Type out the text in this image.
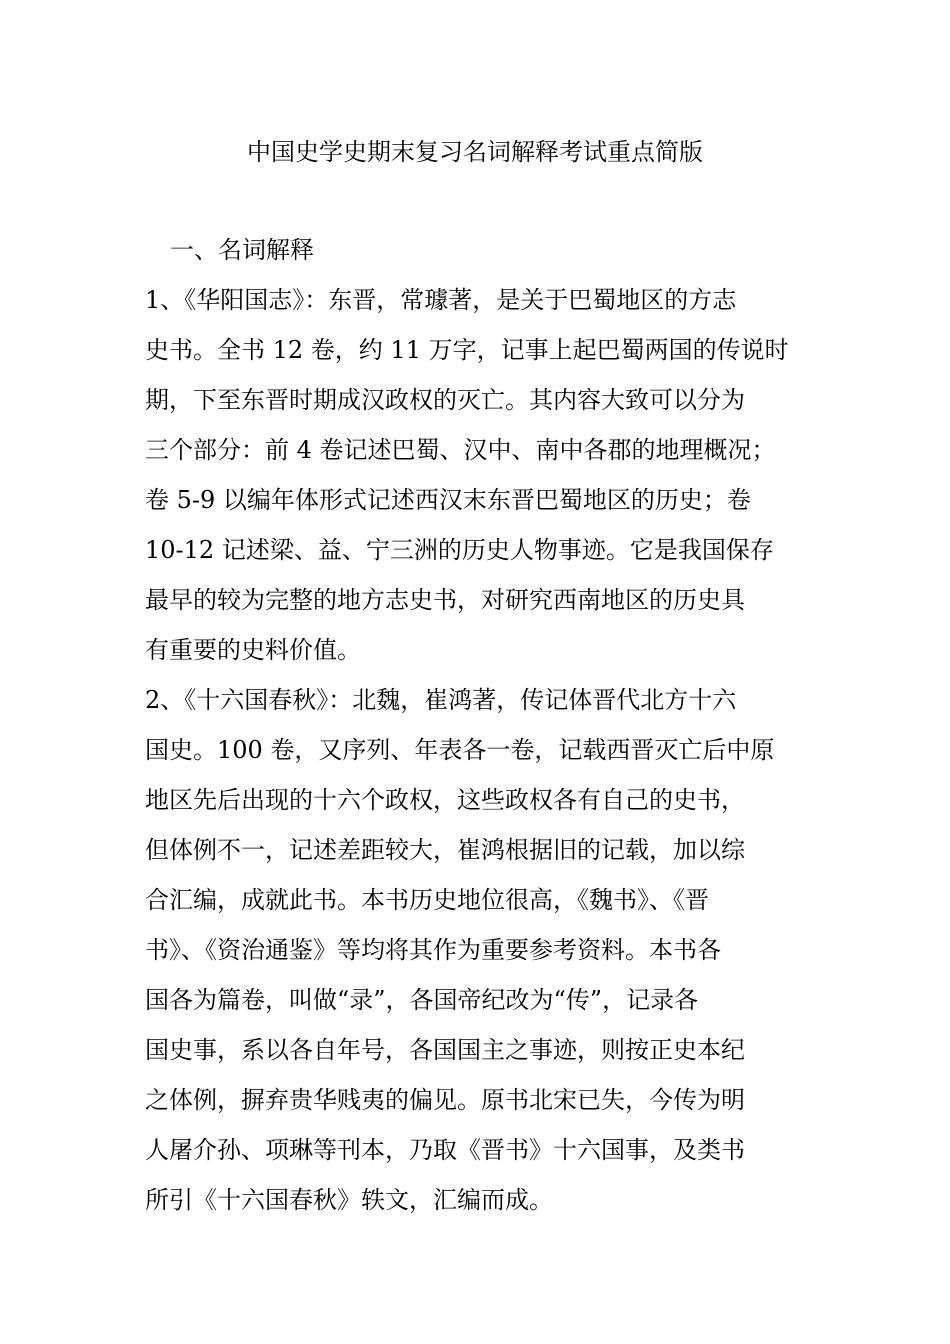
中国史学史期末复习名词解释考试重点简版
一、名词解释

1、《华阳国志》：东晋，常璩著，是关于巴蜀地区的方志

史书。全书 12 卷，约 11 万字，记事上起巴蜀两国的传说时

期，下至东晋时期成汉政权的灭亡。其内容大致可以分为

三个部分：前 4 卷记述巴蜀、汉中、南中各郡的地理概况；

卷 5-9 以编年体形式记述西汉末东晋巴蜀地区的历史；卷

10-12 记述梁、益、宁三洲的历史人物事迹。它是我国保存

最早的较为完整的地方志史书，对研究西南地区的历史具

有重要的史料价值。

2、《十六国春秋》：北魏，崔鸿著，传记体晋代北方十六

国史。100 卷，又序列、年表各一卷，记载西晋灭亡后中原

地区先后出现的十六个政权，这些政权各有自己的史书，

但体例不一，记述差距较大，崔鸿根据旧的记载，加以综

合汇编，成就此书。本书历史地位很高，《魏书》、《晋

书》、《资治通鉴》等均将其作为重要参考资料。本书各

国各为篇卷，叫做“录”，各国帝纪改为“传”，记录各

国史事，系以各自年号，各国国主之事迹，则按正史本纪

之体例，摒弃贵华贱夷的偏见。原书北宋已失，今传为明

人屠介孙、项琳等刊本，乃取《晋书》十六国事，及类书

所引《十六国春秋》轶文，汇编而成。
